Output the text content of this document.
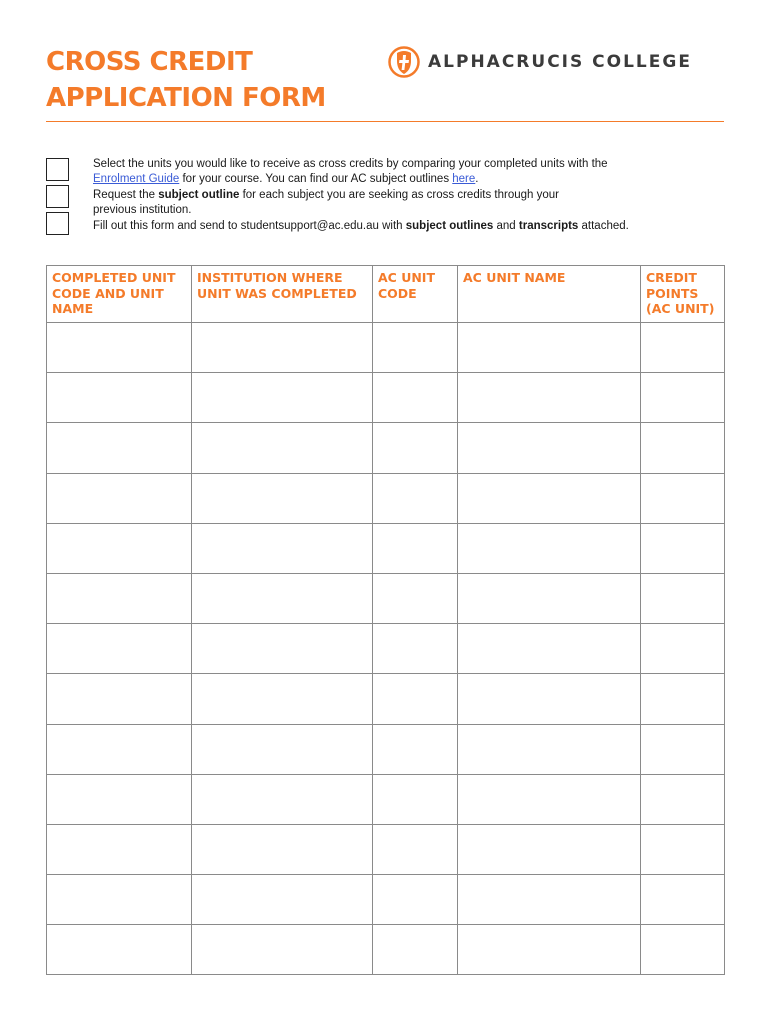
CROSS CREDIT
APPLICATION FORM
ALPHACRUCIS COLLEGE

Select the units you would like to receive as cross credits by comparing your completed units with the

Enrolment Guide for your course. You can find our AC subject outlines here.

Request the subject outline for each subject you are seeking as cross credits through your

previous institution.

Fill out this form and send to studentsupport@ac.edu.au with subject outlines and transcripts attached.

COMPLETED UNIT CODE AND UNIT NAME	INSTITUTION WHERE UNIT WAS COMPLETED	AC UNIT CODE	AC UNIT NAME	CREDIT POINTS (AC UNIT)
